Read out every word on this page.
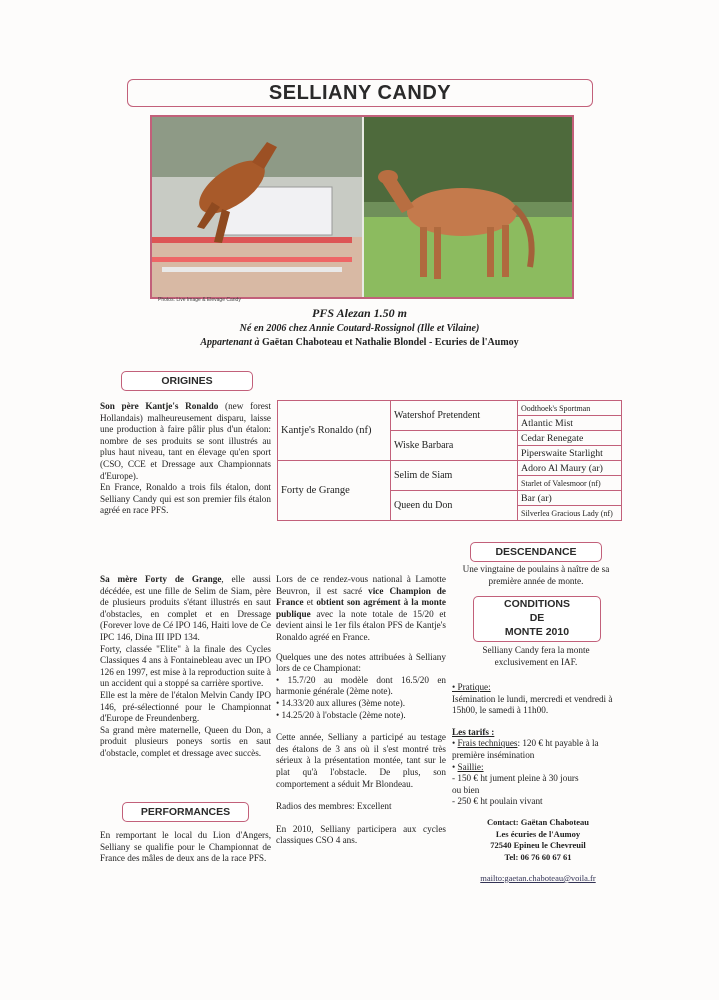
SELLIANY CANDY
Photos: Live Image & Elevage Candy
PFS Alezan 1.50 m
Né en 2006 chez Annie Coutard-Rossignol (Ille et Vilaine)
Appartenant à Gaëtan Chaboteau et Nathalie Blondel - Ecuries de l'Aumoy
ORIGINES
Son père Kantje's Ronaldo (new forest Hollandais) malheureusement disparu, laisse une production à faire pâlir plus d'un étalon: nombre de ses produits se sont illustrés au plus haut niveau, tant en élevage qu'en sport (CSO, CCE et Dressage aux Championnats d'Europe).
En France, Ronaldo a trois fils étalon, dont Selliany Candy qui est son premier fils étalon agréé en race PFS.
Kantje's Ronaldo (nf)	Watershof Pretendent	Oodthoek's Sportman
		Atlantic Mist
	Wiske Barbara	Cedar Renegate
		Piperswaite Starlight
Forty de Grange	Selim de Siam	Adoro Al Maury (ar)
		Starlet of Valesmoor (nf)
	Queen du Don	Bar (ar)
		Silverlea Gracious Lady (nf)
Sa mère Forty de Grange, elle aussi décédée, est une fille de Selim de Siam, père de plusieurs produits s'étant illustrés en saut d'obstacles, en complet et en Dressage (Forever love de Cé IPO 146, Haiti love de Ce IPC 146, Dina III IPD 134.
Forty, classée "Elite" à la finale des Cycles Classiques 4 ans à Fontainebleau avec un IPO 126 en 1997, est mise à la reproduction suite à un accident qui a stoppé sa carrière sportive.
Elle est la mère de l'étalon Melvin Candy IPO 146, pré-sélectionné pour le Championnat d'Europe de Freundenberg.
Sa grand mère maternelle, Queen du Don, a produit plusieurs poneys sortis en saut d'obstacle, complet et dressage avec succès.
PERFORMANCES
En remportant le local du Lion d'Angers, Selliany se qualifie pour le Championnat de France des mâles de deux ans de la race PFS.
Lors de ce rendez-vous national à Lamotte Beuvron, il est sacré vice Champion de France et obtient son agrément à la monte publique avec la note totale de 15/20 et devient ainsi le 1er fils étalon PFS de Kantje's Ronaldo agréé en France.
Quelques une des notes attribuées à Selliany lors de ce Championat:
• 15.7/20 au modèle dont 16.5/20 en harmonie générale (2ème note).
• 14.33/20 aux allures (3ème note).
• 14.25/20 à l'obstacle (2ème note).
Cette année, Selliany a participé au testage des étalons de 3 ans où il s'est montré très sérieux à la présentation montée, tant sur le plat qu'à l'obstacle. De plus, son comportement a séduit Mr Blondeau.
Radios des membres: Excellent
En 2010, Selliany participera aux cycles classiques CSO 4 ans.
DESCENDANCE
Une vingtaine de poulains à naître de sa première année de monte.
CONDITIONS
DE
MONTE 2010
Selliany Candy fera la monte exclusivement en IAF.
• Pratique:
Isémination le lundi, mercredi et vendredi à 15h00, le samedi à 11h00.
Les tarifs :
• Frais techniques: 120 € ht payable à la première insémination
• Saillie:
- 150 € ht jument pleine à 30 jours
ou bien
- 250 € ht poulain vivant
Contact: Gaëtan Chaboteau
Les écuries de l'Aumoy
72540 Epineu le Chevreuil
Tel: 06 76 60 67 61
mailto:gaetan.chaboteau@voila.fr
